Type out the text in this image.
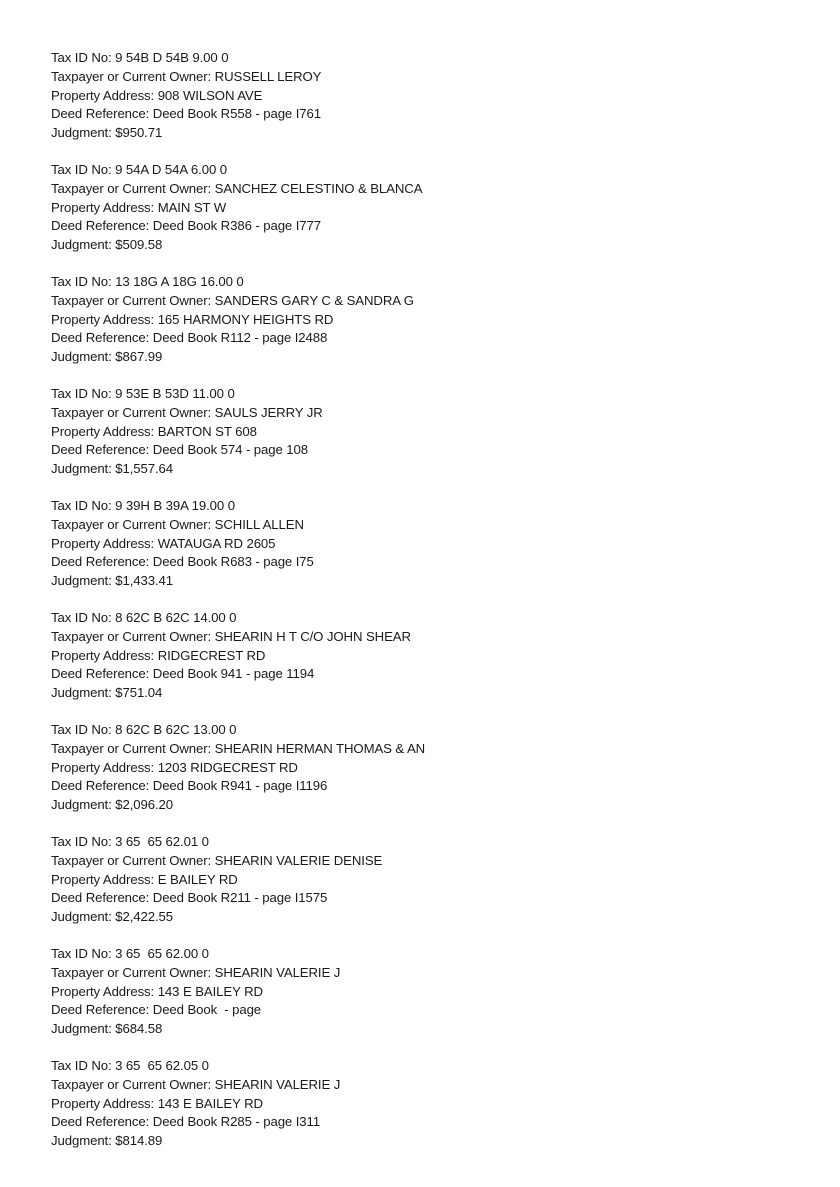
Tax ID No: 9 54B D 54B 9.00 0
Taxpayer or Current Owner: RUSSELL LEROY
Property Address: 908 WILSON AVE
Deed Reference: Deed Book R558 - page I761
Judgment: $950.71
Tax ID No: 9 54A D 54A 6.00 0
Taxpayer or Current Owner: SANCHEZ CELESTINO & BLANCA
Property Address: MAIN ST W
Deed Reference: Deed Book R386 - page I777
Judgment: $509.58
Tax ID No: 13 18G A 18G 16.00 0
Taxpayer or Current Owner: SANDERS GARY C & SANDRA G
Property Address: 165 HARMONY HEIGHTS RD
Deed Reference: Deed Book R112 - page I2488
Judgment: $867.99
Tax ID No: 9 53E B 53D 11.00 0
Taxpayer or Current Owner: SAULS JERRY JR
Property Address: BARTON ST 608
Deed Reference: Deed Book 574 - page 108
Judgment: $1,557.64
Tax ID No: 9 39H B 39A 19.00 0
Taxpayer or Current Owner: SCHILL ALLEN
Property Address: WATAUGA RD 2605
Deed Reference: Deed Book R683 - page I75
Judgment: $1,433.41
Tax ID No: 8 62C B 62C 14.00 0
Taxpayer or Current Owner: SHEARIN H T C/O JOHN SHEAR
Property Address: RIDGECREST RD
Deed Reference: Deed Book 941 - page 1194
Judgment: $751.04
Tax ID No: 8 62C B 62C 13.00 0
Taxpayer or Current Owner: SHEARIN HERMAN THOMAS & AN
Property Address: 1203 RIDGECREST RD
Deed Reference: Deed Book R941 - page I1196
Judgment: $2,096.20
Tax ID No: 3 65  65 62.01 0
Taxpayer or Current Owner: SHEARIN VALERIE DENISE
Property Address: E BAILEY RD
Deed Reference: Deed Book R211 - page I1575
Judgment: $2,422.55
Tax ID No: 3 65  65 62.00 0
Taxpayer or Current Owner: SHEARIN VALERIE J
Property Address: 143 E BAILEY RD
Deed Reference: Deed Book  - page
Judgment: $684.58
Tax ID No: 3 65  65 62.05 0
Taxpayer or Current Owner: SHEARIN VALERIE J
Property Address: 143 E BAILEY RD
Deed Reference: Deed Book R285 - page I311
Judgment: $814.89
